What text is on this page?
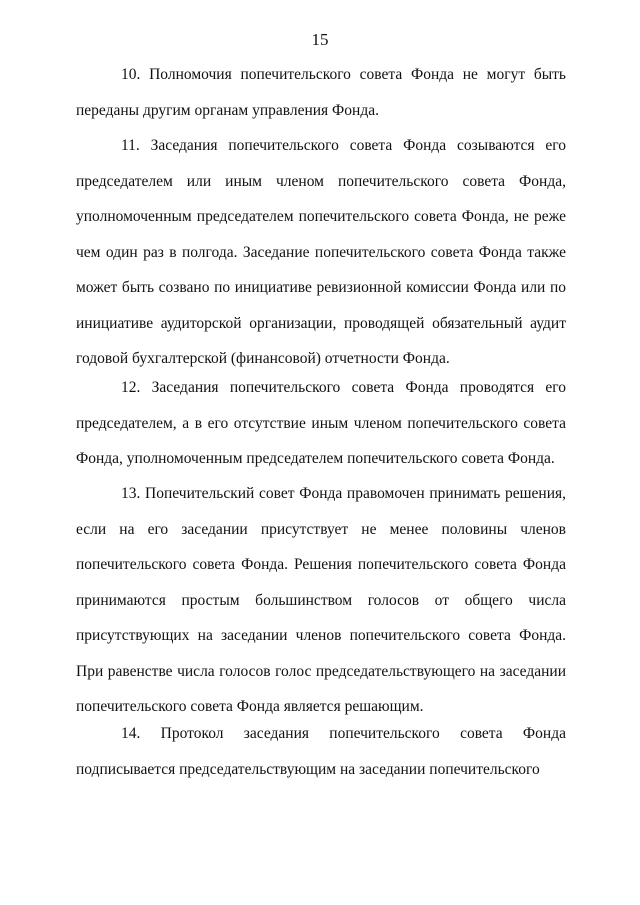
15

10. Полномочия попечительского совета Фонда не могут быть переданы другим органам управления Фонда.

11. Заседания попечительского совета Фонда созываются его председателем или иным членом попечительского совета Фонда, уполномоченным председателем попечительского совета Фонда, не реже чем один раз в полгода. Заседание попечительского совета Фонда также может быть созвано по инициативе ревизионной комиссии Фонда или по инициативе аудиторской организации, проводящей обязательный аудит годовой бухгалтерской (финансовой) отчетности Фонда.

12. Заседания попечительского совета Фонда проводятся его председателем, а в его отсутствие иным членом попечительского совета Фонда, уполномоченным председателем попечительского совета Фонда.

13. Попечительский совет Фонда правомочен принимать решения, если на его заседании присутствует не менее половины членов попечительского совета Фонда. Решения попечительского совета Фонда принимаются простым большинством голосов от общего числа присутствующих на заседании членов попечительского совета Фонда. При равенстве числа голосов голос председательствующего на заседании попечительского совета Фонда является решающим.

14. Протокол заседания попечительского совета Фонда подписывается председательствующим на заседании попечительского
